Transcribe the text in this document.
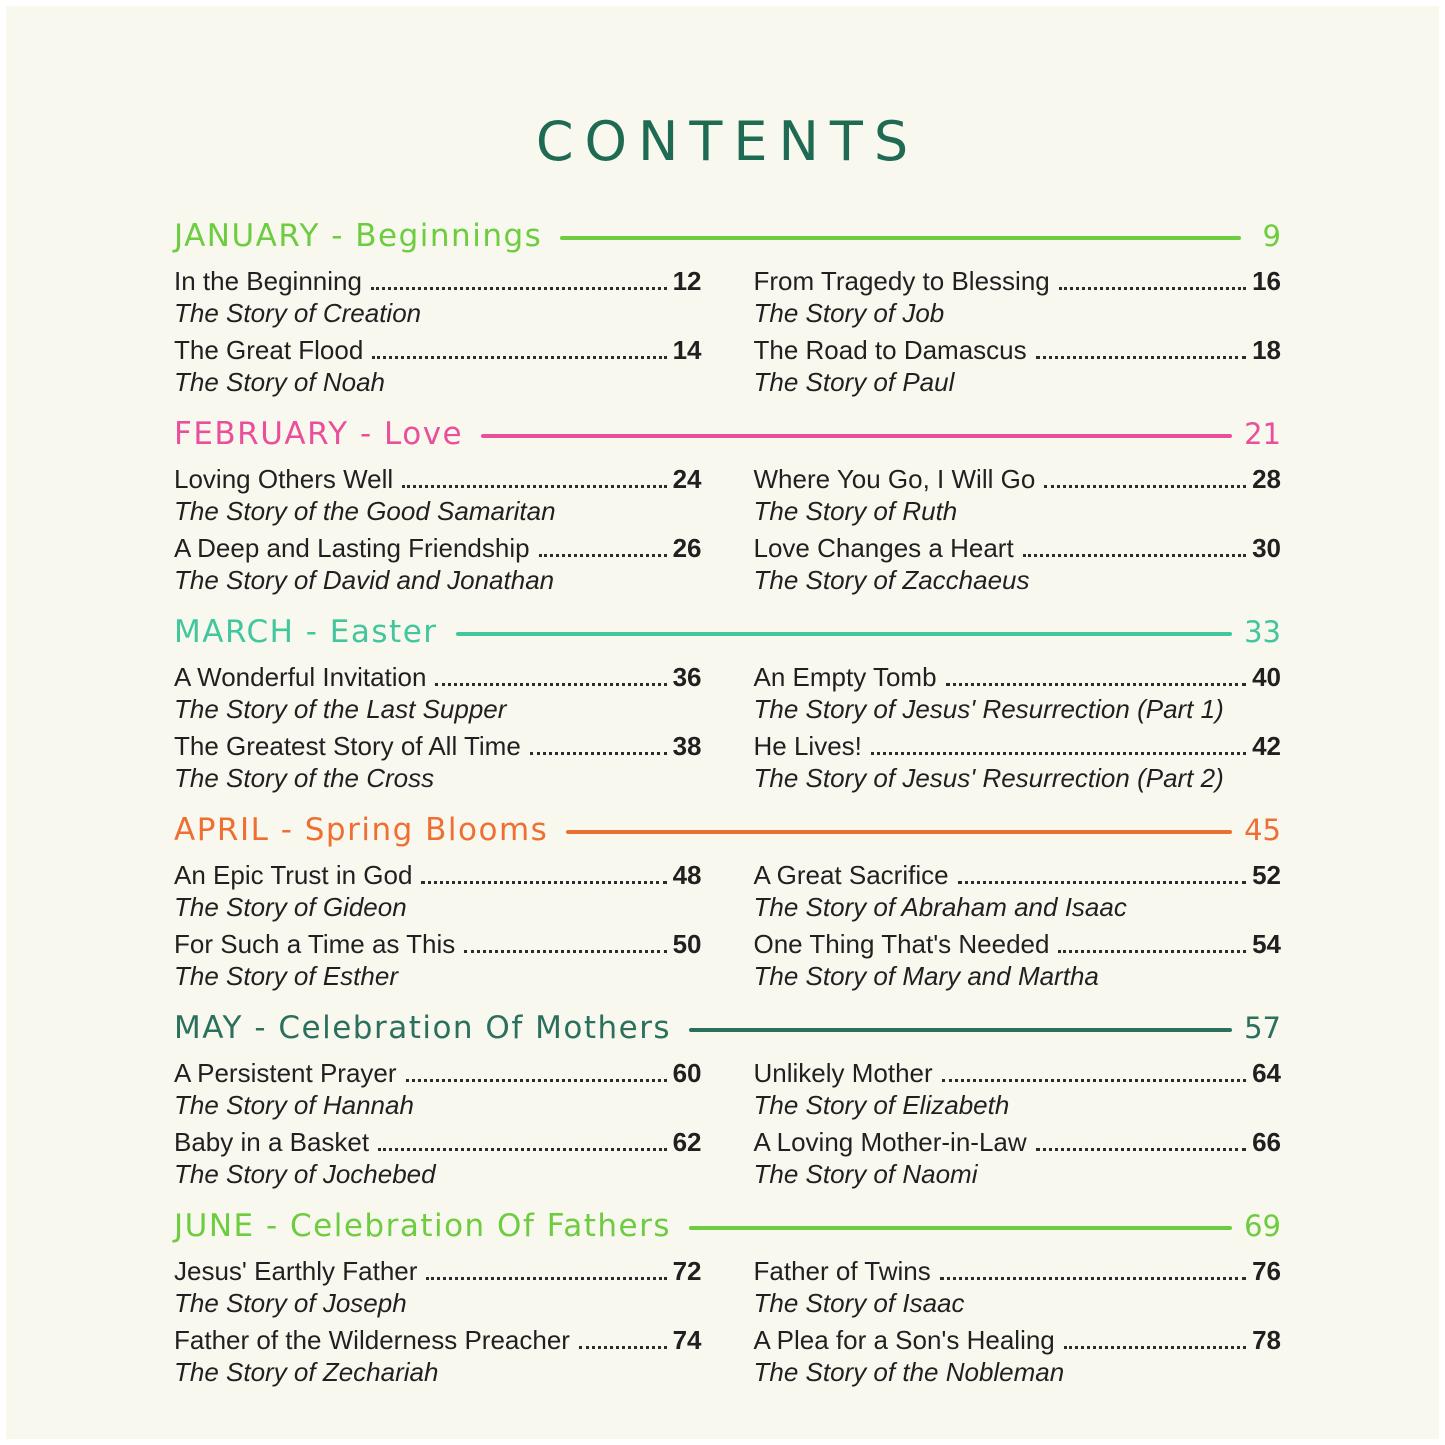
CONTENTS
JANUARY - Beginnings	9
In the Beginning	12
The Story of Creation
The Great Flood	14
The Story of Noah
From Tragedy to Blessing	16
The Story of Job
The Road to Damascus	18
The Story of Paul
FEBRUARY - Love	21
Loving Others Well	24
The Story of the Good Samaritan
A Deep and Lasting Friendship	26
The Story of David and Jonathan
Where You Go, I Will Go	28
The Story of Ruth
Love Changes a Heart	30
The Story of Zacchaeus
MARCH - Easter	33
A Wonderful Invitation	36
The Story of the Last Supper
The Greatest Story of All Time	38
The Story of the Cross
An Empty Tomb	40
The Story of Jesus' Resurrection (Part 1)
He Lives!	42
The Story of Jesus' Resurrection (Part 2)
APRIL - Spring Blooms	45
An Epic Trust in God	48
The Story of Gideon
For Such a Time as This	50
The Story of Esther
A Great Sacrifice	52
The Story of Abraham and Isaac
One Thing That's Needed	54
The Story of Mary and Martha
MAY - Celebration Of Mothers	57
A Persistent Prayer	60
The Story of Hannah
Baby in a Basket	62
The Story of Jochebed
Unlikely Mother	64
The Story of Elizabeth
A Loving Mother-in-Law	66
The Story of Naomi
JUNE - Celebration Of Fathers	69
Jesus' Earthly Father	72
The Story of Joseph
Father of the Wilderness Preacher	74
The Story of Zechariah
Father of Twins	76
The Story of Isaac
A Plea for a Son's Healing	78
The Story of the Nobleman
